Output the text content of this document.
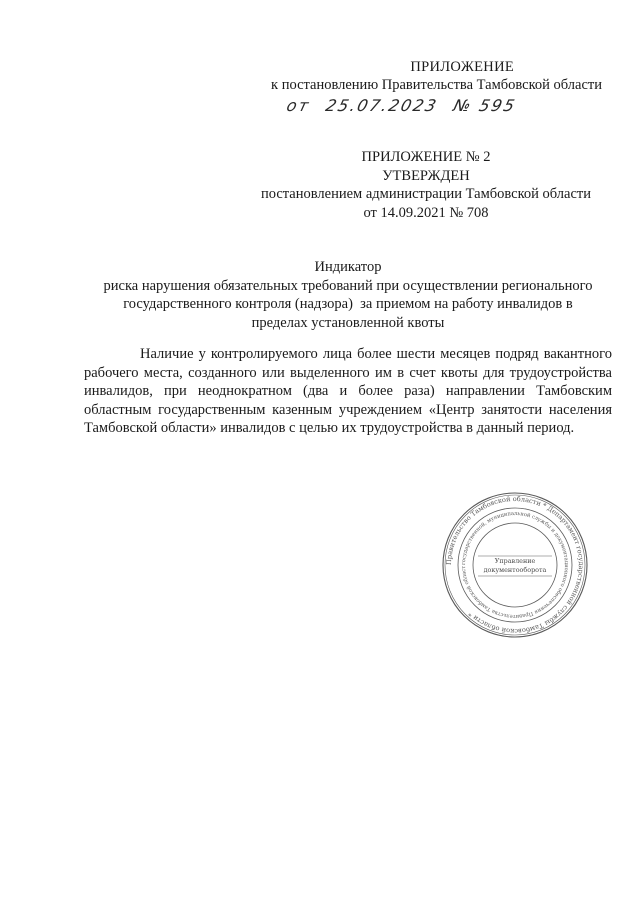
ПРИЛОЖЕНИЕ
к постановлению Правительства Тамбовской области
от 25.07.2023 № 595
ПРИЛОЖЕНИЕ № 2
УТВЕРЖДЕН
постановлением администрации Тамбовской области
от 14.09.2021 № 708
Индикатор
риска нарушения обязательных требований при осуществлении регионального
государственного контроля (надзора)  за приемом на работу инвалидов в
пределах установленной квоты
Наличие у контролируемого лица более шести месяцев подряд вакантного рабочего места, созданного или выделенного им в счет квоты для трудоустройства инвалидов, при неоднократном (два и более раза) направлении Тамбовским областным государственным казенным учреждением «Центр занятости населения Тамбовской области» инвалидов с целью их трудоустройства в данный период.
Правительство Тамбовской области * Департамент государственной службы Тамбовской области *
государственной, муниципальной службы и документационного обеспечения Правительства Тамбовской област
Управление
документооборота
